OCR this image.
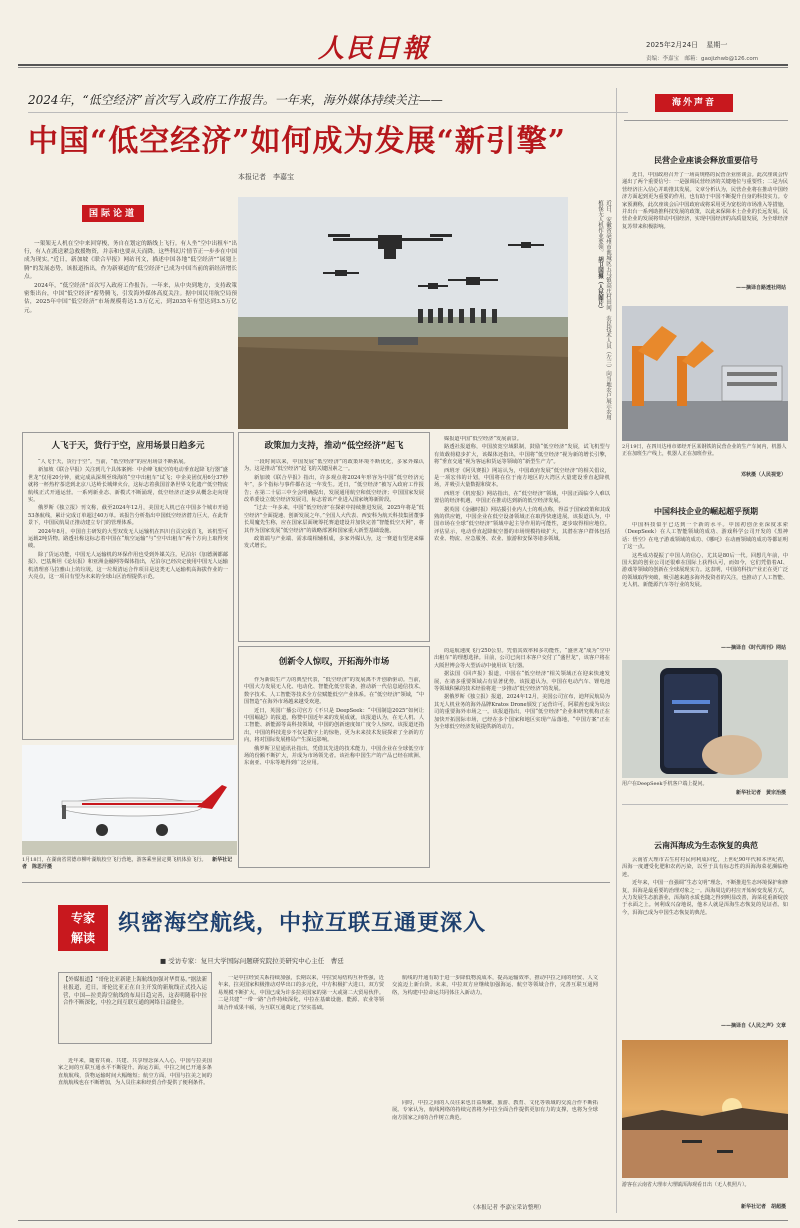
人民日報	2025年2月24日 星期一
责编：李嘉宝　邮箱：gaojizhwb@126.com
2024年，“低空经济”首次写入政府工作报告。一年来，海外媒体持续关注——
中国“低空经济”如何成为发展“新引擎”
本报记者　李嘉宝
国际论道

一架架无人机在空中来回穿梭，务自在划定的路线上飞行。有人坐“空中出租车”出行，有人在派送紧急救援物资，并亲和也要从天而降。这些科幻片情节正一步步在中国成为现实。”近日，新加坡《联合早报》网站刊文，描述中国各地“低空经济”“展翅上腾”的发展态势，该报道指出，作为新赛道的“低空经济”已成为中国当前的新经济增长点。

2024年，“低空经济”首次写入政府工作报告。一年来，从中央到地方，支持政策密集出台，中国“低空经济”蓄势腾飞，引发海外媒体高度关注。据中国民用航空局预估，2025年中国“低空经济”市场规模将达1.5万亿元，到2035年有望达到3.5万亿元。	近日，安徽省亳州市谯城区五马镇高庄村田间，农民技术人员（左三）向当地农户展示农用植保无人机作业要领。 胡卫国摄（人民图片）
人飞于天，货行于空，应用场景日趋多元

“人飞于天，货行于空”。当前，“低空经济”的应用场景不断拓展。

新加坡《联合早报》关注到几个具体案例：中企峰飞航空的电动垂直起降飞行器“盛世龙”仅用20分钟，就完成从深圳至珠海的“空中出租车”试飞；中企美团仅用6分37秒就将一杯热柠茶送到北京八达岭长城烽火台，这标志着我国首条世界文化遗产低空物流航线正式开通运营。一系列新业态、新模式不断涌现，低空经济正逐步从概念走向现实。

俄罗斯《独立报》刊文称，截至2024年12月，美国无人机已在中国多个城市开通53条航线，累计完成订单超过40万单。该报告分析指出中国低空经济潜力巨大，在此背景下，中国民航局正推动建立专门的管理体系。

2024年8月，中国自主研发的大型双发无人运输机在四川自贡完成首飞，该机型可运载2吨货物。路透社称这标志着中国在“航空运输”与“空中出租车”两个方向上取得突破。

除了货运功能，中国无人运输机的环保作用也受到外媒关注。尼泊尔《加德满都邮报》、巴基斯坦《论坛报》和亚洲金融网等媒体指出，尼泊尔已经决定使用中国无人运输机清理喜马拉雅山上的垃圾。这一垃圾清运合作项目是这类无人运输机高海拔作业的一大亮点，这一项目有望为未来的全球山区治理提供示范。

1月18日，在湖南省常德市柳叶湖航校空飞行营地，游客乘坐固定翼飞机体验飞行。 新华社记者　陈思汗摄
政策加力支持，推动“低空经济”起飞

一段时间以来，中国发展“低空经济”的政策环境不断优化，多家外媒认为，这是推动“低空经济”起飞的关键因素之一。

新加坡《联合早报》指出，许多观点将2024年形容为中国“低空经济元年”，多个指标与事件都在这一年发生。近日，“低空经济”被写入政府工作报告；在第二十届三中全会明确提出，发展通用航空和低空经济；中国国家发展改革委设立低空经济发展司，标志着该产业进入国家统筹新阶段。

“过去一年多来，中国“低空经济”在探索中持续推进发展，2025年将是“低空经济”全面提速、创新发展之年。”全国人大代表、西安科为航天科技集团董事长周魔先生称，应在国家层面统筹托赛道建设并加快完善“智能低空天网”，将其作为国家发展“低空经济”的战略部署和国家重大新型基础设施。

政策端与产业端、需求端相辅相成，多家外媒认为，这一赛道有望迎来爆发式增长。

媒报道中国“低空经济”发展前景。

路透社报道称，中国放宽空域限制，鼓励“低空经济”发展，试飞机型与有效载荷稳步扩大，该媒体还指出，中国将“低空经济”视为新的增长引擎，将“垂直交通”视为客运和货运等领域的“新型生产力”。

西班牙《阿贝赛报》网站认为，中国政府发展“低空经济”的相关倡议，是一项宏伟的计划，中国将在位于南方地区的大湾区大量建设垂直起降机场，并吸引大量数据和资本。

西班牙《机密报》网站指出，在“低空经济”领域，中国正面临令人难以置信的经济机遇，中国正在推动达到新的低空经济发展。

据英国《金融时报》网站援引业内人士的观点称，得益于国家政策和其成熟的供应链，中国企业在低空设备领域正在取得快速进展。该报道认为，中国市场在全球“低空经济”领域中起主导作用的可能性，逐步取得相应地位。评估显示，电动垂直起降航空器的市场规模持续扩大，其潜在客户群体包括农业、物流、应急服务、农业、旅游和安保等诸多领域。

创新令人惊叹，开拓海外市场

作为新质生产力的典型代表，“低空经济”的发展离不开创新驱动。当前，中国大力发展无人化、电动化、智能化低空装备，推动新一代信息通信技术、数字技术、人工智能等技术全方位赋能低空产业体系。在“低空经济”领域，“中国智造”在海外市场越来越受欢迎。

近日，英国广播公司官方《不只是 DeepSeek：“中国制造2025”如何让中国崛起》的报道。称赞中国近年来的发展成就。该报道认为，在无人机、人工智能、新能源等高科技领域，中国的创新速度如广度令人惊叹。该报道还指出，中国的科技进步不仅是数字上的惊艳，更为未来技术发展探索了全新的方向，将对国际发展格局产生深远影响。

俄罗斯卫星通讯社指出，凭借其先进的技术能力，中国企业在全球低空市场的份额不断扩大，并成为市场领先者。该社称中国生产的产品已经在欧洲、东南亚、中东等地得到广泛应用。

的巡航速度飞行250公里。凭借其效率和多功能性，“盛世龙”成为“空中出租车”的理想选择。目前，公司已向日本客户交付了“盛世龙”，该客户将在大阪世博会等大型活动中使用该飞行器。

据法国《回声报》报道，中国在“低空经济”相关领域正在迎来快速发展，在诸多重要领域占有显著优势。该报道认为，中国在电动汽车、锂电池等领域积累的技术经验将进一步推动“低空经济”的发展。

据俄罗斯《独立报》报道，2024年12月，美国公司宣布，迪拜民航局为其无人机业务的海外品牌Kratos Drone颁发了运营许可，阿联酋也成为该公司的重要海外市场之一。该报道指出，中国“低空经济”企业和研究机构正在加快开拓国际市场，已经在多个国家和地区实现产品落地，“中国方案”正在为全球低空经济发展提供新的动力。

海外声音
民营企业座谈会释放重要信号

近日，中国政府召开了一场高规格的民营企业座谈会。此次座谈会传递出了两个重要信号：一是强调民营经济的关键地位与重要性；二是为民营经济注入信心并助推其发展。文章分析认为，民营企业将在推动中国经济方面起到更为重要的作用，也有助于中国不断提升自身的科技实力。专家预测称，此次座谈会后中国政府或将采用更为宽松的市场准入等措施，并出台一系列助推科技发展的政策，以此来保障本土企业的长远发展。民营企业的发展将带动中国经济，实现中国经济的高质量发展，为全球经济复苏带来积极影响。

——摘译自路透社网站
2月19日，在四川达州市郊经开区某钢铁的民营企业的生产车间内，机器人正在加班生产线上，机器人正在加班作业。
邓秋摄（人民视觉）
中国科技企业的崛起超乎预期

中国科技似乎已达到一个新的水平。中国初创企业深度求索（DeepSeek）在人工智能领域的成功、游戏科学公司开发的《黑神话：悟空》在电子游戏领域的成功、《哪吒》在动画领域的成功等都证明了这一点。

这些成功提振了中国人的信心，尤其是80后一代。回想几年前，中国大陆的创业公司还很难在国际上获得认可，而如今，它们凭借着AI、游戏等领域的创新在全球展现实力。这表明，中国的科技产业正在更广泛的领域取得突破，吸引越来越多海外投资者的关注，也推动了人工智能、无人机、新能源汽车等行业的发展。

——摘译自《时代周刊》网站
用户在DeepSeek手机客户端上提问。
新华社记者　黄宗治摄
云南洱海成为生态恢复的典范

云南省大理市古生村村民何利成回忆，上世纪90年代和本世纪初，洱海一度遭受化肥和农药污染，以至于具有标志性的洱海海菜花濒临绝迹。

近年来，中国一直强调“生态文明”理念，不断推进生态环境保护和修复，洱海是最重要的治理对象之一。洱海周边的村庄开始转变发展方式，大力发展生态旅游业，洱海的水质也随之得到明显改善，海菜花重新绽放于水面之上。何利成兴奋地说，他本人就是洱海生态恢复的见证者。如今，洱海已成为中国生态恢复的典范。

——摘译自《人民之声》文章
游客在云南省大理市大理镇洱海观看日出（无人机照片）。
新华社记者　胡超摄
专家
解读
织密海空航线，中拉互联互通更深入
■ 受访专家：复旦大学国际问题研究院拉美研究中心主任　曹廷
【外媒报道】“哥伦比亚新建上海航线加强对华贸易。”据法新社报道，近日，哥伦比亚正在自主开发的新航线正式投入运营，中国—拉美海空航线的布局日趋完善，这表明随着中拉合作不断深化，中拉之间互联互通的网络日益健全。

近年来，随着共商、共建、共享理念深入人心，中国与拉美国家之间的互联互通水平不断提升。海运方面，中拉之间已开通多条直航航线，货物运输时间大幅缩短；航空方面，中国与拉美之间的直航航线也在不断增加，为人员往来和经贸合作提供了便利条件。

一是中拉经贸关系持续加强，长期以来，中拉贸易结构互补性强，近年来，拉美国家积极推动对华出口的多元化，中方积极扩大进口，双方贸易规模不断扩大。中国已成为许多拉美国家的第一大或第二大贸易伙伴。二是共建“一带一路”合作持续深化，中拉在基础设施、能源、农业等领域合作成果丰硕，为互联互通奠定了坚实基础。

航线的开通有助于进一步降低物流成本，提高运输效率，推动中拉之间的经贸、人文交流迈上新台阶。未来，中拉双方应继续加强海运、航空等领域合作，完善互联互通网络，为构建中拉命运共同体注入新动力。

同时，中拉之间的人员往来也日益频繁，旅游、教育、文化等领域的交流合作不断拓展。专家认为，航线网络的持续完善将为中拉全面合作提供更加有力的支撑，也将为全球南方国家之间的合作树立典范。

（本报记者 李嘉宝采访整理）
